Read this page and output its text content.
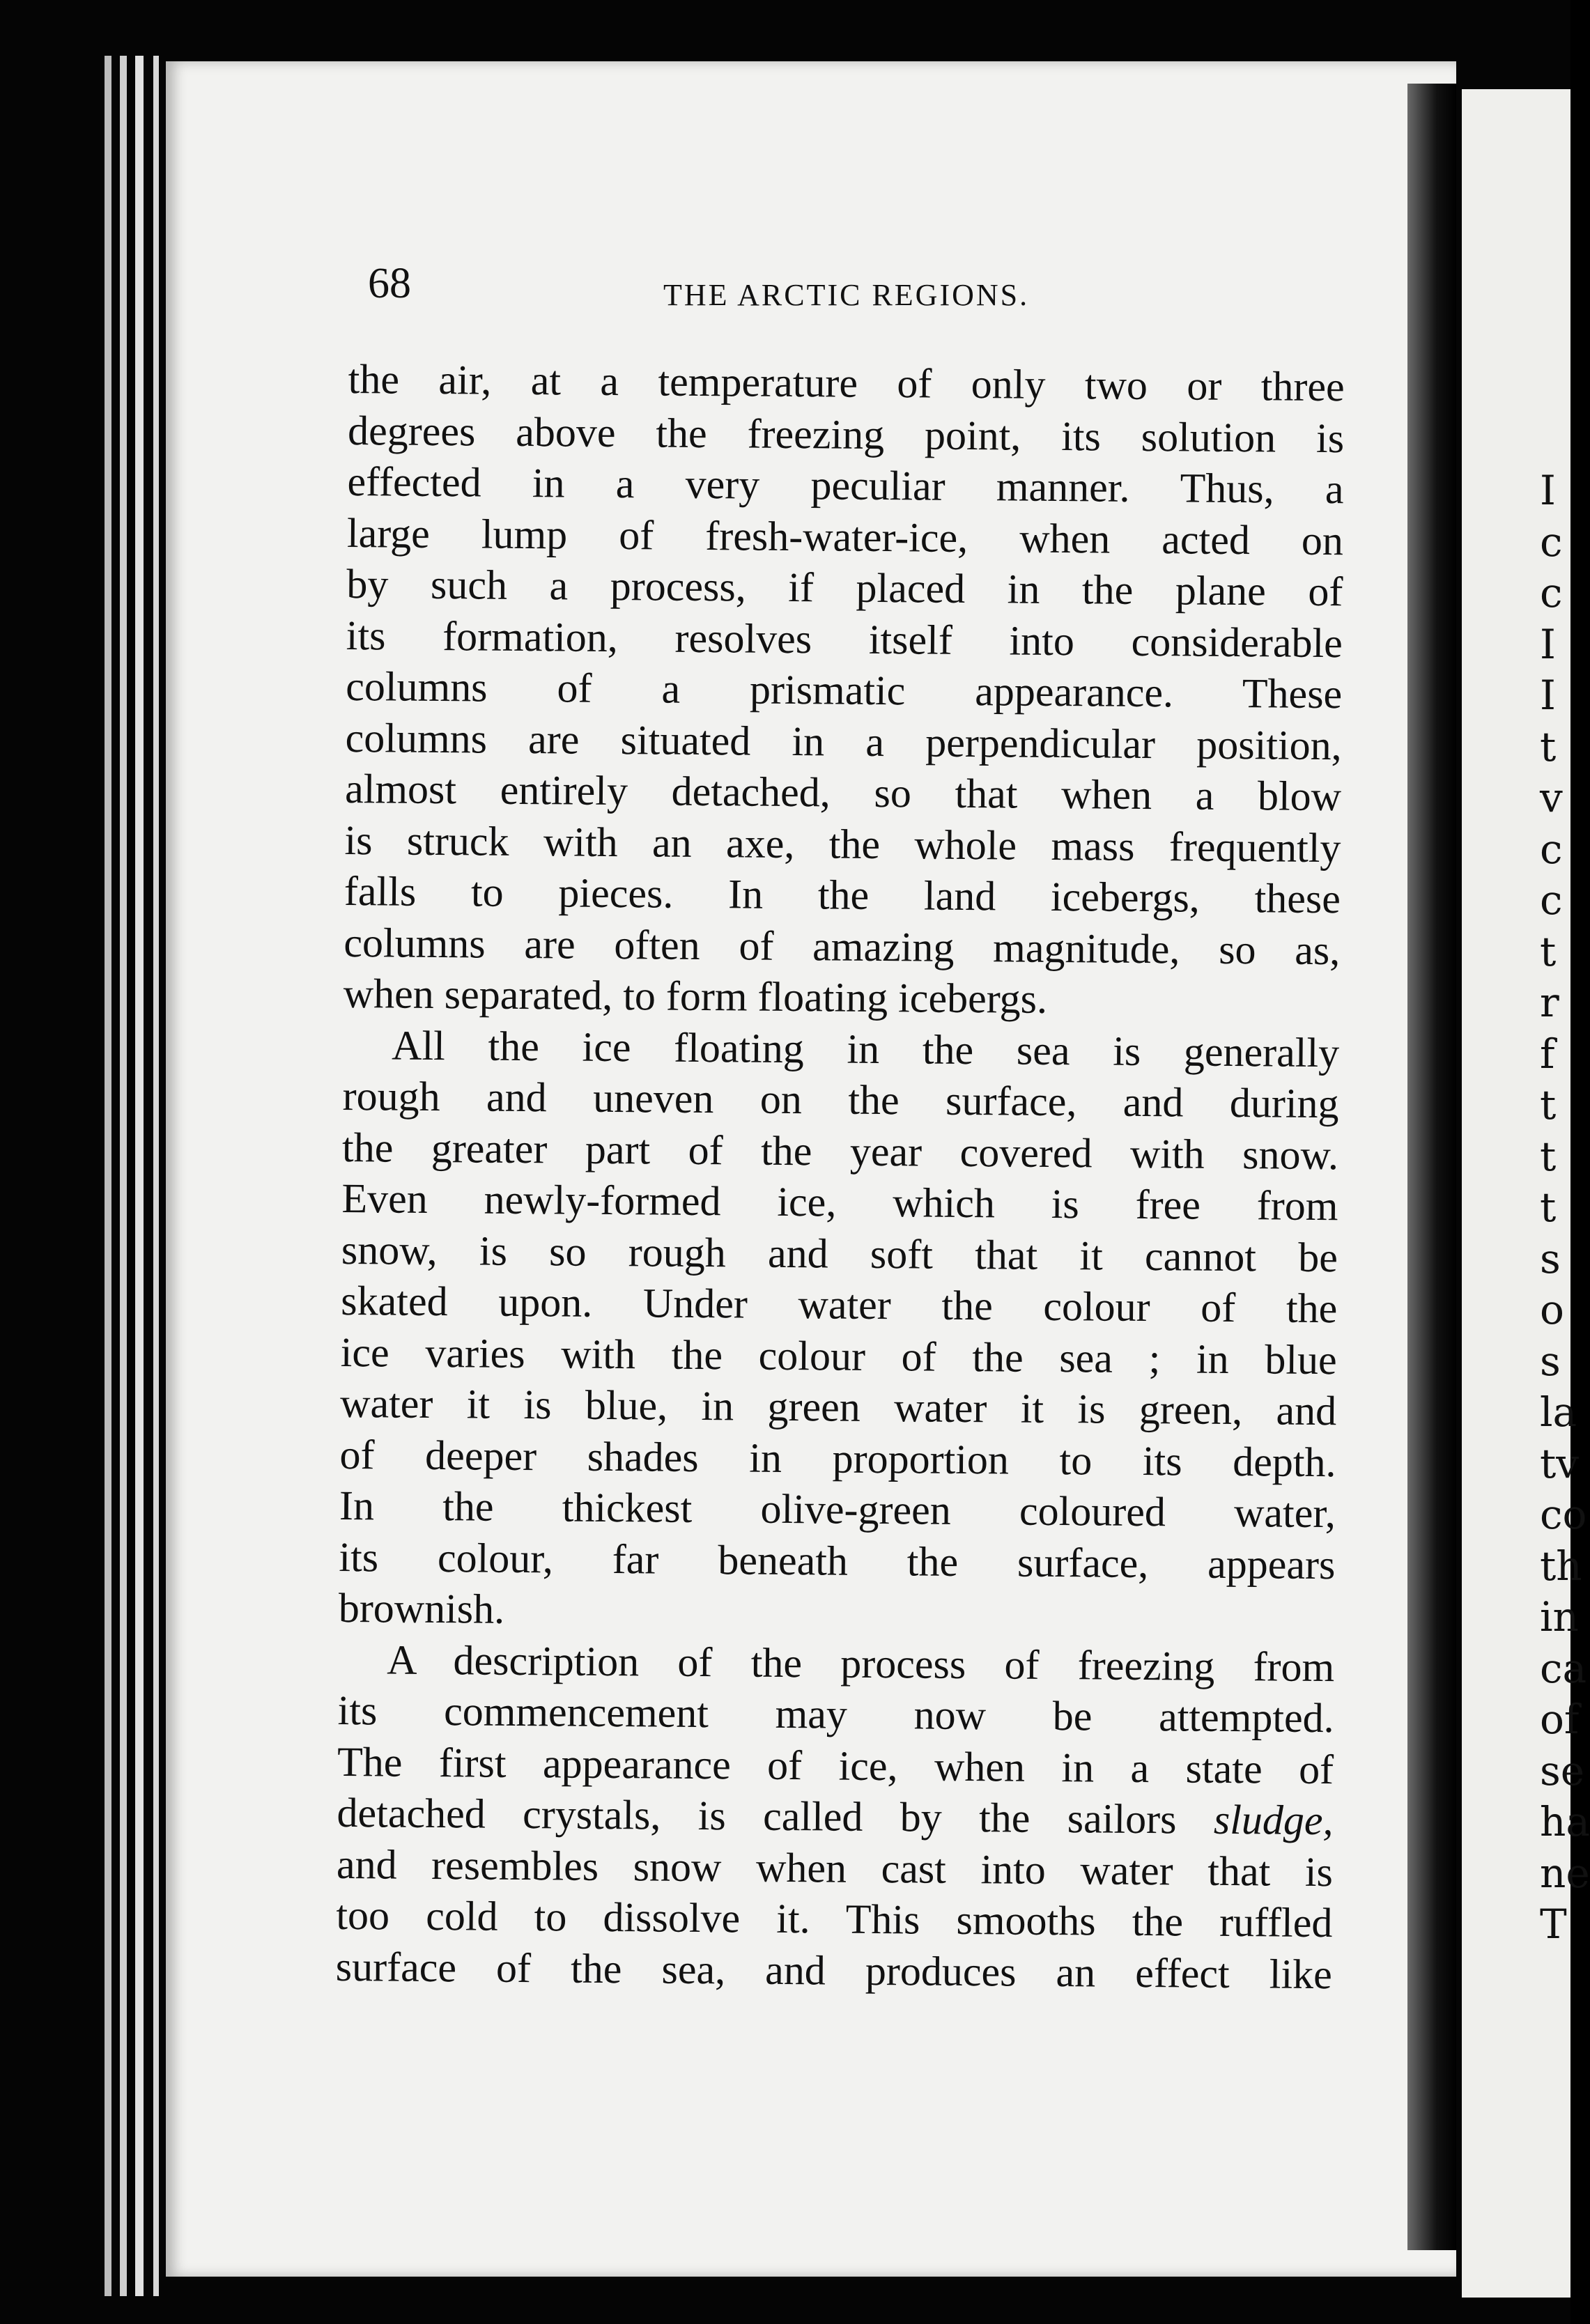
I
c
c
I
I
t
v
c
c
t
r
f
t
t
t
s
o
s
la
tv
co
th
in
ca
of
se
ha
ne
T
68	THE ARCTIC REGIONS.
the air, at a temperature of only two or three
degrees above the freezing point, its solution is
effected in a very peculiar manner. Thus, a
large lump of fresh-water-ice, when acted on
by such a process, if placed in the plane of
its formation, resolves itself into considerable
columns of a prismatic appearance. These
columns are situated in a perpendicular position,
almost entirely detached, so that when a blow
is struck with an axe, the whole mass frequently
falls to pieces. In the land icebergs, these
columns are often of amazing magnitude, so as,
when separated, to form floating icebergs.
All the ice floating in the sea is generally
rough and uneven on the surface, and during
the greater part of the year covered with snow.
Even newly-formed ice, which is free from
snow, is so rough and soft that it cannot be
skated upon. Under water the colour of the
ice varies with the colour of the sea ; in blue
water it is blue, in green water it is green, and
of deeper shades in proportion to its depth.
In the thickest olive-green coloured water,
its colour, far beneath the surface, appears
brownish.
A description of the process of freezing from
its commencement may now be attempted.
The first appearance of ice, when in a state of
detached crystals, is called by the sailors sludge,
and resembles snow when cast into water that is
too cold to dissolve it. This smooths the ruffled
surface of the sea, and produces an effect like
